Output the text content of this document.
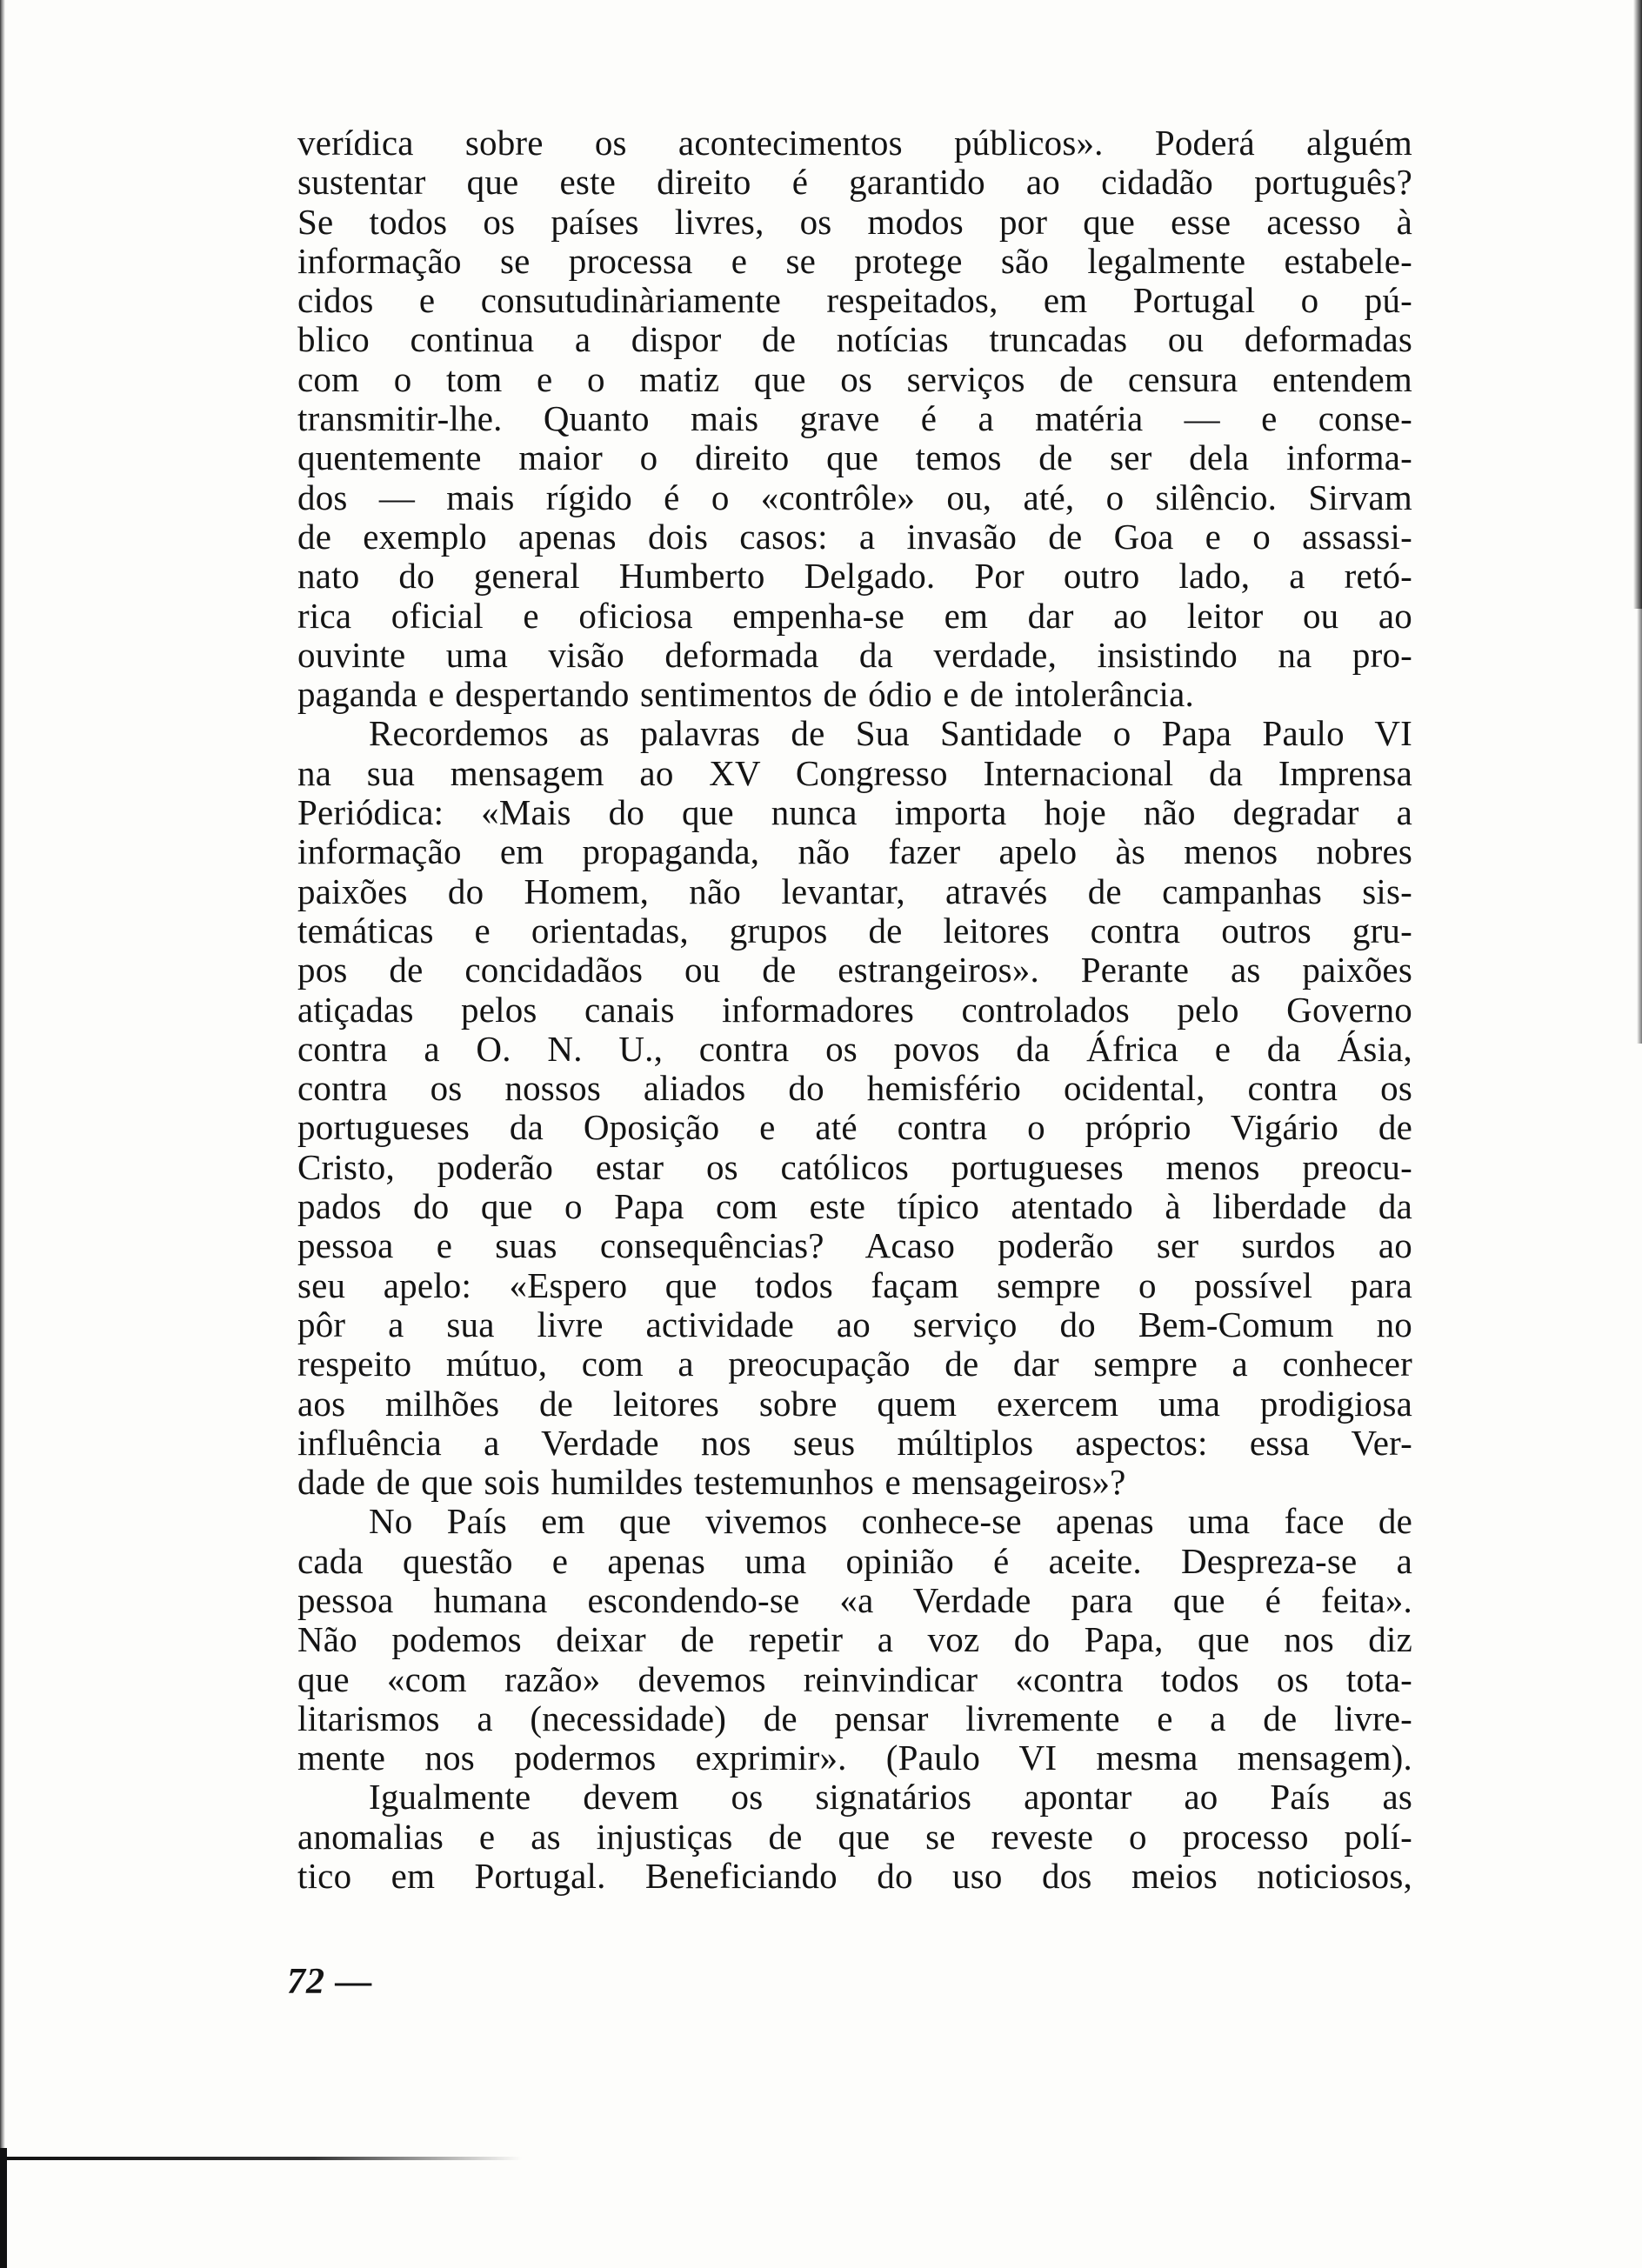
verídica sobre os acontecimentos públicos». Poderá alguém
sustentar que este direito é garantido ao cidadão português?
Se todos os países livres, os modos por que esse acesso à
informação se processa e se protege são legalmente estabele-
cidos e consutudinàriamente respeitados, em Portugal o pú-
blico continua a dispor de notícias truncadas ou deformadas
com o tom e o matiz que os serviços de censura entendem
transmitir-lhe. Quanto mais grave é a matéria — e conse-
quentemente maior o direito que temos de ser dela informa-
dos — mais rígido é o «contrôle» ou, até, o silêncio. Sirvam
de exemplo apenas dois casos: a invasão de Goa e o assassi-
nato do general Humberto Delgado. Por outro lado, a retó-
rica oficial e oficiosa empenha-se em dar ao leitor ou ao
ouvinte uma visão deformada da verdade, insistindo na pro-
paganda e despertando sentimentos de ódio e de intolerância.
Recordemos as palavras de Sua Santidade o Papa Paulo VI
na sua mensagem ao XV Congresso Internacional da Imprensa
Periódica: «Mais do que nunca importa hoje não degradar a
informação em propaganda, não fazer apelo às menos nobres
paixões do Homem, não levantar, através de campanhas sis-
temáticas e orientadas, grupos de leitores contra outros gru-
pos de concidadãos ou de estrangeiros». Perante as paixões
atiçadas pelos canais informadores controlados pelo Governo
contra a O. N. U., contra os povos da África e da Ásia,
contra os nossos aliados do hemisfério ocidental, contra os
portugueses da Oposição e até contra o próprio Vigário de
Cristo, poderão estar os católicos portugueses menos preocu-
pados do que o Papa com este típico atentado à liberdade da
pessoa e suas consequências? Acaso poderão ser surdos ao
seu apelo: «Espero que todos façam sempre o possível para
pôr a sua livre actividade ao serviço do Bem-Comum no
respeito mútuo, com a preocupação de dar sempre a conhecer
aos milhões de leitores sobre quem exercem uma prodigiosa
influência a Verdade nos seus múltiplos aspectos: essa Ver-
dade de que sois humildes testemunhos e mensageiros»?
No País em que vivemos conhece-se apenas uma face de
cada questão e apenas uma opinião é aceite. Despreza-se a
pessoa humana escondendo-se «a Verdade para que é feita».
Não podemos deixar de repetir a voz do Papa, que nos diz
que «com razão» devemos reinvindicar «contra todos os tota-
litarismos a (necessidade) de pensar livremente e a de livre-
mente nos podermos exprimir». (Paulo VI mesma mensagem).
Igualmente devem os signatários apontar ao País as
anomalias e as injustiças de que se reveste o processo polí-
tico em Portugal. Beneficiando do uso dos meios noticiosos,
72 —
